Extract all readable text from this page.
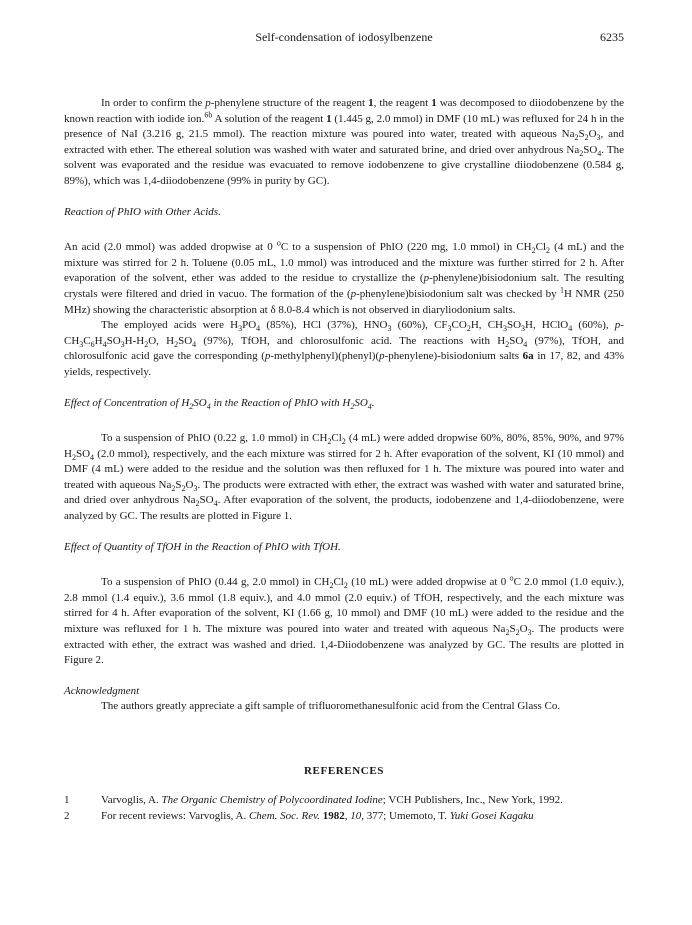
Self-condensation of iodosylbenzene	6235

In order to confirm the p-phenylene structure of the reagent 1, the reagent 1 was decomposed to diiodobenzene by the known reaction with iodide ion.$^{6b}$ A solution of the reagent 1 (1.445 g, 2.0 mmol) in DMF (10 mL) was refluxed for 24 h in the presence of NaI (3.216 g, 21.5 mmol). The reaction mixture was poured into water, treated with aqueous $Na_2S_2O_3$, and extracted with ether. The ethereal solution was washed with water and saturated brine, and dried over anhydrous $Na_2SO_4$. The solvent was evaporated and the residue was evacuated to remove iodobenzene to give crystalline diiodobenzene (0.584 g, 89%), which was 1,4-diiodobenzene (99% in purity by GC).

Reaction of PhIO with Other Acids.

An acid (2.0 mmol) was added dropwise at 0 $^o$C to a suspension of PhIO (220 mg, 1.0 mmol) in $CH_2Cl_2$ (4 mL) and the mixture was stirred for 2 h. Toluene (0.05 mL, 1.0 mmol) was introduced and the mixture was further stirred for 2 h. After evaporation of the solvent, ether was added to the residue to crystallize the (p-phenylene)bisiodonium salt. The resulting crystals were filtered and dried in vacuo. The formation of the (p-phenylene)bisiodonium salt was checked by $^1$H NMR (250 MHz) showing the characteristic absorption at δ 8.0-8.4 which is not observed in diaryliodonium salts.

The employed acids were $H_3PO_4$ (85%), HCl (37%), $HNO_3$ (60%), $CF_3CO_2H$, $CH_3SO_3H$, HClO$_4$ (60%), $p-CH_3C_6H_4SO_3H-H_2O$, $H_2SO_4$ (97%), TfOH, and chlorosulfonic acid. The reactions with $H_2SO_4$ (97%), TfOH, and chlorosulfonic acid gave the corresponding (p-methylphenyl)(phenyl)(p-phenylene)-bisiodonium salts 6a in 17, 82, and 43% yields, respectively.

Effect of Concentration of $H_2SO_4$ in the Reaction of PhIO with $H_2SO_4$.

To a suspension of PhIO (0.22 g, 1.0 mmol) in $CH_2Cl_2$ (4 mL) were added dropwise 60%, 80%, 85%, 90%, and 97% $H_2SO_4$ (2.0 mmol), respectively, and the each mixture was stirred for 2 h. After evaporation of the solvent, KI (10 mmol) and DMF (4 mL) were added to the residue and the solution was then refluxed for 1 h. The mixture was poured into water and treated with aqueous $Na_2S_2O_3$. The products were extracted with ether, the extract was washed with water and saturated brine, and dried over anhydrous $Na_2SO_4$. After evaporation of the solvent, the products, iodobenzene and 1,4-diiodobenzene, were analyzed by GC. The results are plotted in Figure 1.

Effect of Quantity of TfOH in the Reaction of PhIO with TfOH.

To a suspension of PhIO (0.44 g, 2.0 mmol) in $CH_2Cl_2$ (10 mL) were added dropwise at 0 $^o$C 2.0 mmol (1.0 equiv.), 2.8 mmol (1.4 equiv.), 3.6 mmol (1.8 equiv.), and 4.0 mmol (2.0 equiv.) of TfOH, respectively, and the each mixture was stirred for 4 h. After evaporation of the solvent, KI (1.66 g, 10 mmol) and DMF (10 mL) were added to the residue and the mixture was refluxed for 1 h. The mixture was poured into water and treated with aqueous $Na_2S_2O_3$. The products were extracted with ether, the extract was washed and dried. 1,4-Diiodobenzene was analyzed by GC. The results are plotted in Figure 2.

Acknowledgment

The authors greatly appreciate a gift sample of trifluoromethanesulfonic acid from the Central Glass Co.

REFERENCES
1	Varvoglis, A. The Organic Chemistry of Polycoordinated Iodine; VCH Publishers, Inc., New York, 1992.
2	For recent reviews: Varvoglis, A. Chem. Soc. Rev. 1982, 10, 377; Umemoto, T. Yuki Gosei Kagaku
